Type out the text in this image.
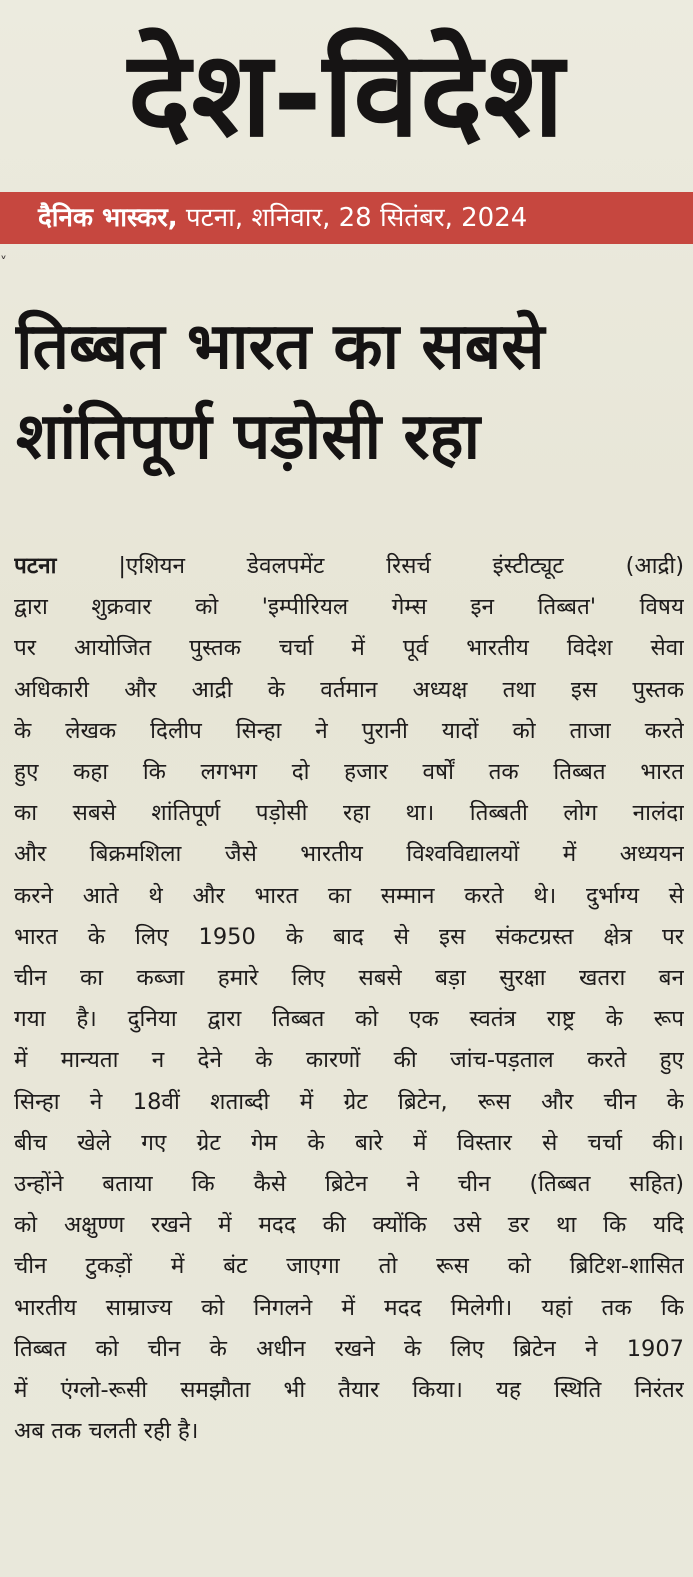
देश-विदेश
दैनिक भास्कर, पटना, शनिवार, 28 सितंबर, 2024
˅
तिब्बत भारत का सबसे
शांतिपूर्ण पड़ोसी रहा
पटना	|एशियन डेवलपमेंट रिसर्च इंस्टीट्यूट (आद्री)
द्वारा शुक्रवार को 'इम्पीरियल गेम्स इन तिब्बत' विषय
पर आयोजित पुस्तक चर्चा में पूर्व भारतीय विदेश सेवा
अधिकारी और आद्री के वर्तमान अध्यक्ष तथा इस पुस्तक
के लेखक दिलीप सिन्हा ने पुरानी यादों को ताजा करते
हुए कहा कि लगभग दो हजार वर्षों तक तिब्बत भारत
का सबसे शांतिपूर्ण पड़ोसी रहा था। तिब्बती लोग नालंदा
और बिक्रमशिला जैसे भारतीय विश्वविद्यालयों में अध्ययन
करने आते थे और भारत का सम्मान करते थे। दुर्भाग्य से
भारत के लिए 1950 के बाद से इस संकटग्रस्त क्षेत्र पर
चीन का कब्जा हमारे लिए सबसे बड़ा सुरक्षा खतरा बन
गया है। दुनिया द्वारा तिब्बत को एक स्वतंत्र राष्ट्र के रूप
में मान्यता न देने के कारणों की जांच-पड़ताल करते हुए
सिन्हा ने 18वीं शताब्दी में ग्रेट ब्रिटेन, रूस और चीन के
बीच खेले गए ग्रेट गेम के बारे में विस्तार से चर्चा की।
उन्होंने बताया कि कैसे ब्रिटेन ने चीन (तिब्बत सहित)
को अक्षुण्ण रखने में मदद की क्योंकि उसे डर था कि यदि
चीन टुकड़ों में बंट जाएगा तो रूस को ब्रिटिश-शासित
भारतीय साम्राज्य को निगलने में मदद मिलेगी। यहां तक कि
तिब्बत को चीन के अधीन रखने के लिए ब्रिटेन ने 1907
में एंग्लो-रूसी समझौता भी तैयार किया। यह स्थिति निरंतर
अब तक चलती रही है।
